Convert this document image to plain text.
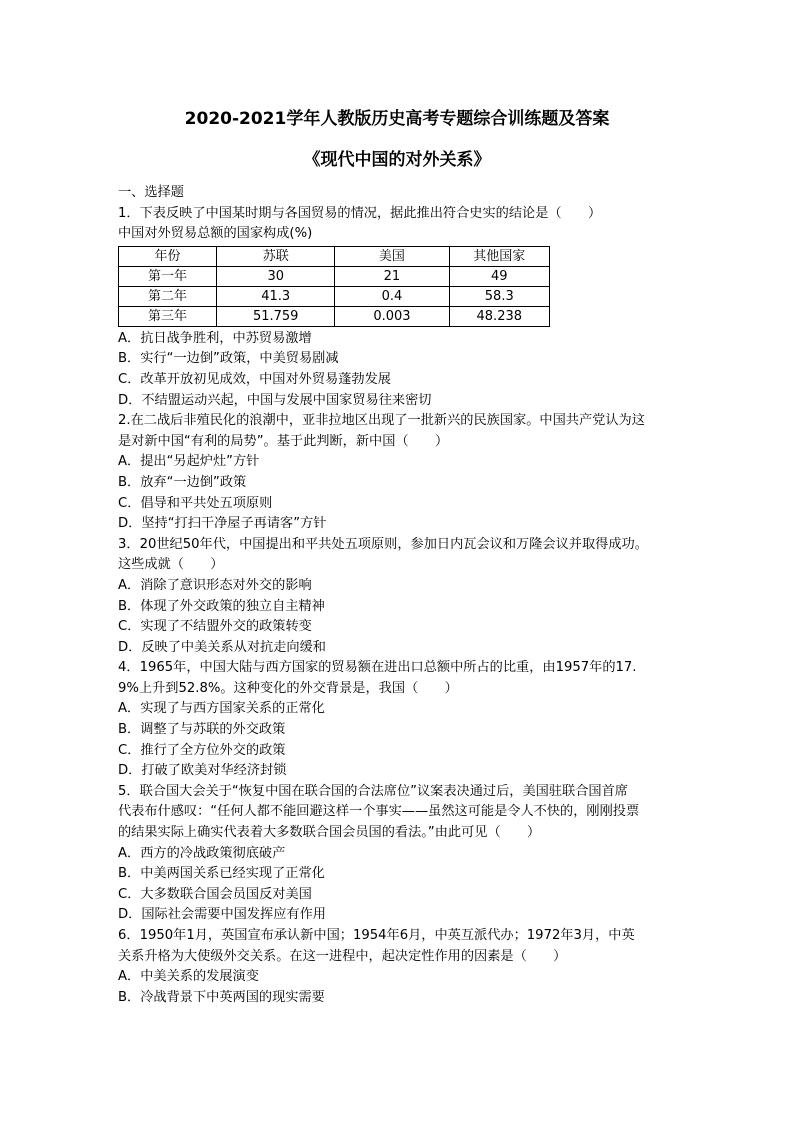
2020-2021学年人教版历史高考专题综合训练题及答案
《现代中国的对外关系》
一、选择题
1．下表反映了中国某时期与各国贸易的情况，据此推出符合史实的结论是（　　）
中国对外贸易总额的国家构成(%)
年份	苏联	美国	其他国家
第一年	30	21	49
第二年	41.3	0.4	58.3
第三年	51.759	0.003	48.238
A．抗日战争胜利，中苏贸易激增
B．实行“一边倒”政策，中美贸易剧减
C．改革开放初见成效，中国对外贸易蓬勃发展
D．不结盟运动兴起，中国与发展中国家贸易往来密切
2.在二战后非殖民化的浪潮中，亚非拉地区出现了一批新兴的民族国家。中国共产党认为这
是对新中国“有利的局势”。基于此判断，新中国（　　）
A．提出“另起炉灶”方针
B．放弃“一边倒”政策
C．倡导和平共处五项原则
D．坚持“打扫干净屋子再请客”方针
3．20世纪50年代，中国提出和平共处五项原则，参加日内瓦会议和万隆会议并取得成功。
这些成就（　　）
A．消除了意识形态对外交的影响
B．体现了外交政策的独立自主精神
C．实现了不结盟外交的政策转变
D．反映了中美关系从对抗走向缓和
4．1965年，中国大陆与西方国家的贸易额在进出口总额中所占的比重，由1957年的17.
9%上升到52.8%。这种变化的外交背景是，我国（　　）
A．实现了与西方国家关系的正常化
B．调整了与苏联的外交政策
C．推行了全方位外交的政策
D．打破了欧美对华经济封锁
5．联合国大会关于“恢复中国在联合国的合法席位”议案表决通过后，美国驻联合国首席
代表布什感叹：“任何人都不能回避这样一个事实——虽然这可能是令人不快的，刚刚投票
的结果实际上确实代表着大多数联合国会员国的看法。”由此可见（　　）
A．西方的冷战政策彻底破产
B．中美两国关系已经实现了正常化
C．大多数联合国会员国反对美国
D．国际社会需要中国发挥应有作用
6．1950年1月，英国宣布承认新中国；1954年6月，中英互派代办；1972年3月，中英
关系升格为大使级外交关系。在这一进程中，起决定性作用的因素是（　　）
A．中美关系的发展演变
B．冷战背景下中英两国的现实需要
